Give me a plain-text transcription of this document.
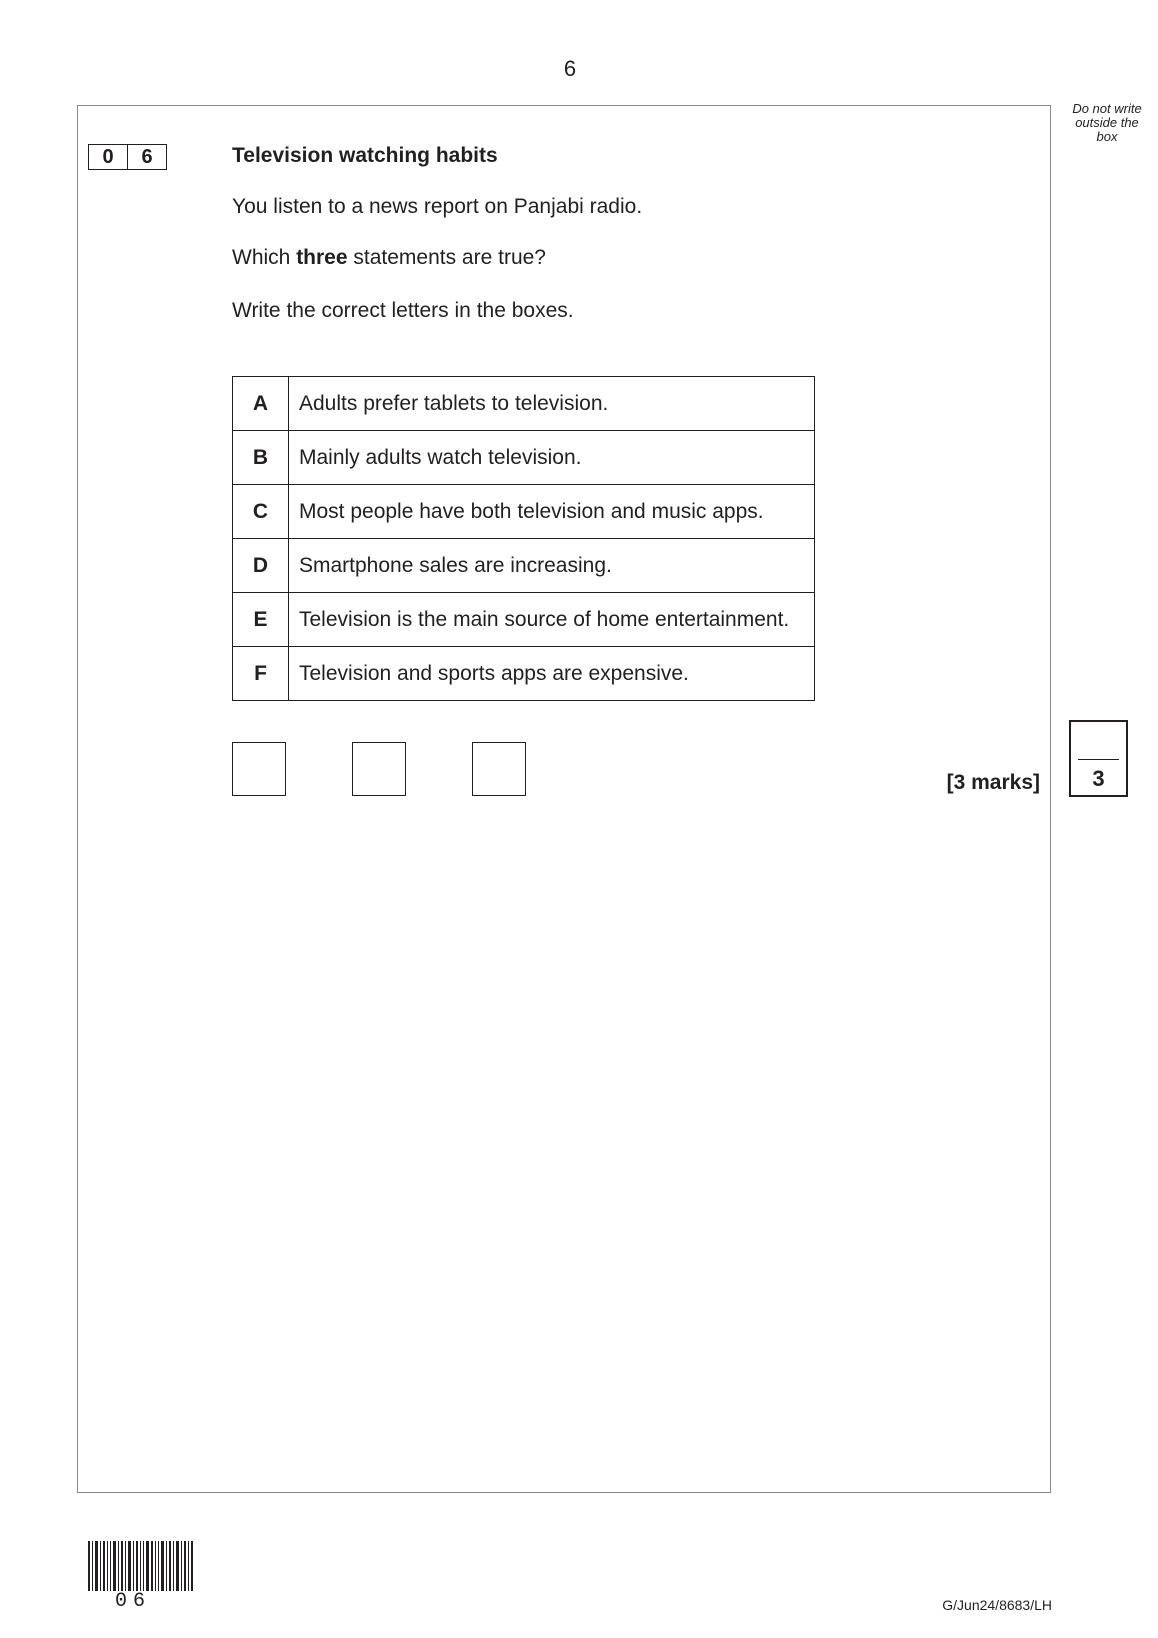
6
Do not write
outside the
box
0	6	Television watching habits
You listen to a news report on Panjabi radio.
Which three statements are true?
Write the correct letters in the boxes.
A	Adults prefer tablets to television.
B	Mainly adults watch television.
C	Most people have both television and music apps.
D	Smartphone sales are increasing.
E	Television is the main source of home entertainment.
F	Television and sports apps are expensive.
[3 marks]	3
06	G/Jun24/8683/LH
